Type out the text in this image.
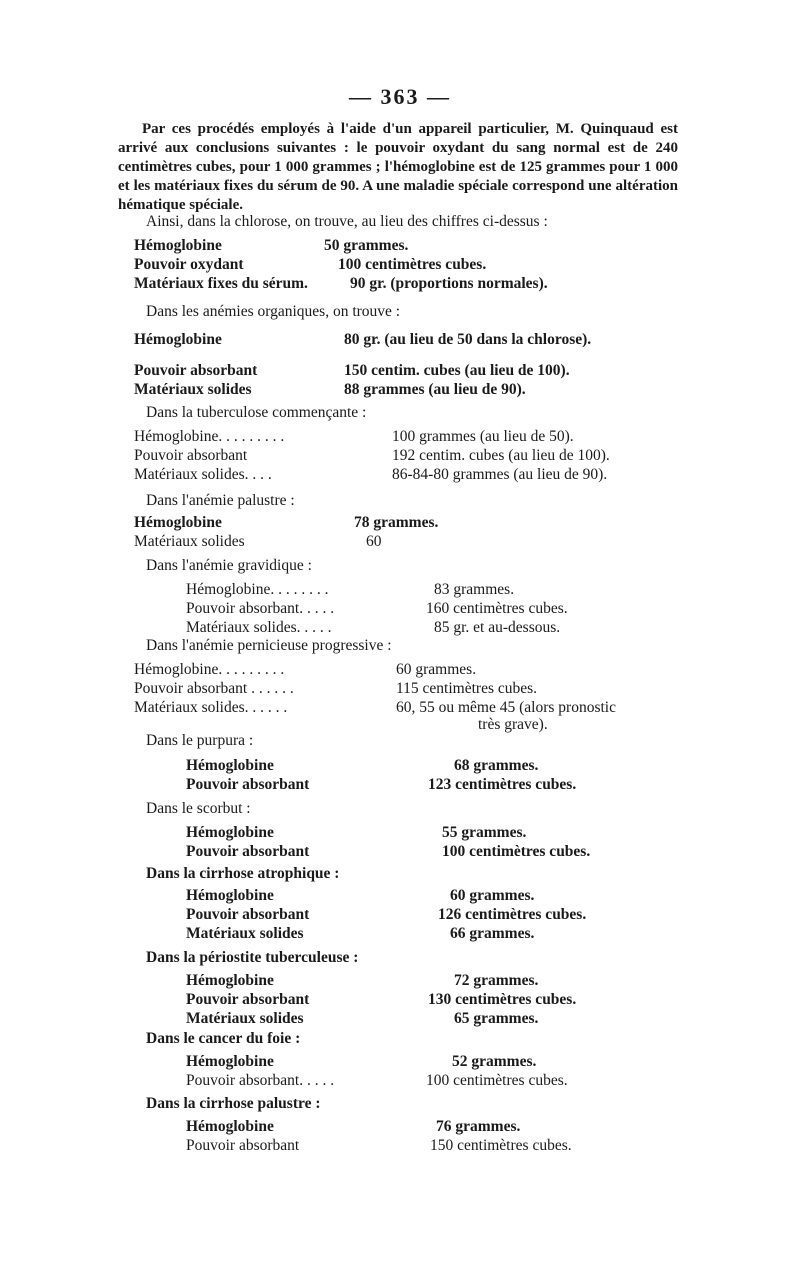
— 363 —
Par ces procédés employés à l'aide d'un appareil particulier, M. Quinquaud est arrivé aux conclusions suivantes : le pouvoir oxydant du sang normal est de 240 centimètres cubes, pour 1 000 grammes ; l'hémoglobine est de 125 grammes pour 1 000 et les matériaux fixes du sérum de 90. A une maladie spéciale correspond une altération hématique spéciale.
Ainsi, dans la chlorose, on trouve, au lieu des chiffres ci-dessus :
Hémoglobine	50 grammes.
Pouvoir oxydant	100 centimètres cubes.
Matériaux fixes du sérum.	90 gr. (proportions normales).
Dans les anémies organiques, on trouve :
Hémoglobine	80 gr. (au lieu de 50 dans la chlorose).
Pouvoir absorbant	150 centim. cubes (au lieu de 100).
Matériaux solides	88 grammes (au lieu de 90).
Dans la tuberculose commençante :
Hémoglobine. . . . . . . . .	100 grammes (au lieu de 50).
Pouvoir absorbant	192 centim. cubes (au lieu de 100).
Matériaux solides. . . .	86-84-80 grammes (au lieu de 90).
Dans l'anémie palustre :
Hémoglobine	78 grammes.
Matériaux solides	60
Dans l'anémie gravidique :
Hémoglobine. . . . . . . .	83 grammes.
Pouvoir absorbant. . . . .	160 centimètres cubes.
Matériaux solides. . . . .	85 gr. et au-dessous.
Dans l'anémie pernicieuse progressive :
Hémoglobine. . . . . . . . .	60 grammes.
Pouvoir absorbant . . . . . .	115 centimètres cubes.
Matériaux solides. . . . . .	60, 55 ou même 45 (alors pronostic
très grave).
Dans le purpura :
Hémoglobine	68 grammes.
Pouvoir absorbant	123 centimètres cubes.
Dans le scorbut :
Hémoglobine	55 grammes.
Pouvoir absorbant	100 centimètres cubes.
Dans la cirrhose atrophique :
Hémoglobine	60 grammes.
Pouvoir absorbant	126 centimètres cubes.
Matériaux solides	66 grammes.
Dans la périostite tuberculeuse :
Hémoglobine	72 grammes.
Pouvoir absorbant	130 centimètres cubes.
Matériaux solides	65 grammes.
Dans le cancer du foie :
Hémoglobine	52 grammes.
Pouvoir absorbant. . . . .	100 centimètres cubes.
Dans la cirrhose palustre :
Hémoglobine	76 grammes.
Pouvoir absorbant	150 centimètres cubes.
